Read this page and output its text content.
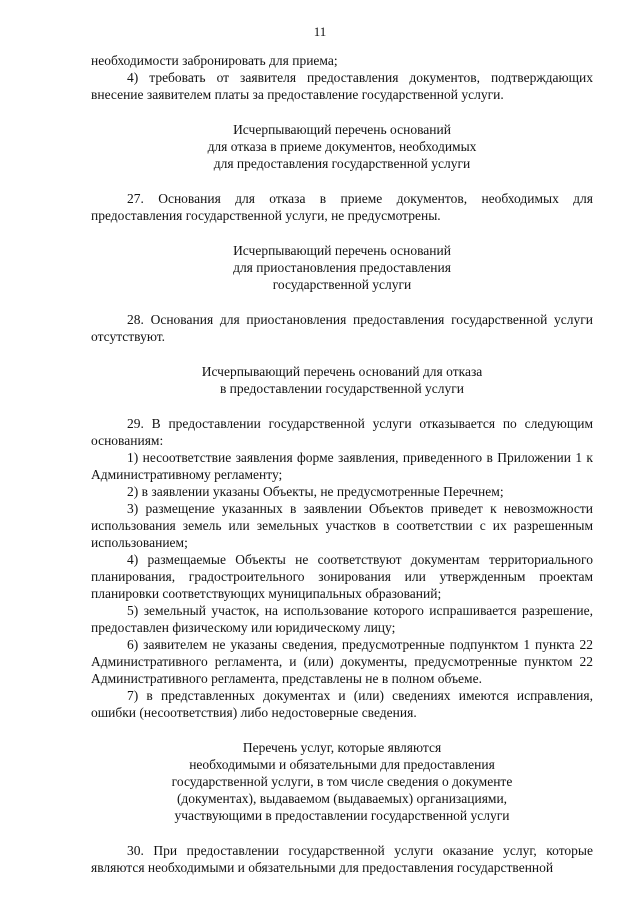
11

необходимости забронировать для приема;

4) требовать от заявителя предоставления документов, подтверждающих внесение заявителем платы за предоставление государственной услуги.

Исчерпывающий перечень оснований
для отказа в приеме документов, необходимых
для предоставления государственной услуги

27. Основания для отказа в приеме документов, необходимых для предоставления государственной услуги, не предусмотрены.

Исчерпывающий перечень оснований
для приостановления предоставления
государственной услуги

28. Основания для приостановления предоставления государственной услуги отсутствуют.

Исчерпывающий перечень оснований для отказа
в предоставлении государственной услуги

29. В предоставлении государственной услуги отказывается по следующим основаниям:

1) несоответствие заявления форме заявления, приведенного в Приложении 1 к Административному регламенту;

2) в заявлении указаны Объекты, не предусмотренные Перечнем;

3) размещение указанных в заявлении Объектов приведет к невозможности использования земель или земельных участков в соответствии с их разрешенным использованием;

4) размещаемые Объекты не соответствуют документам территориального планирования, градостроительного зонирования или утвержденным проектам планировки соответствующих муниципальных образований;

5) земельный участок, на использование которого испрашивается разрешение, предоставлен физическому или юридическому лицу;

6) заявителем не указаны сведения, предусмотренные подпунктом 1 пункта 22 Административного регламента, и (или) документы, предусмотренные пунктом 22 Административного регламента, представлены не в полном объеме.

7) в представленных документах и (или) сведениях имеются исправления, ошибки (несоответствия) либо недостоверные сведения.

Перечень услуг, которые являются
необходимыми и обязательными для предоставления
государственной услуги, в том числе сведения о документе
(документах), выдаваемом (выдаваемых) организациями,
участвующими в предоставлении государственной услуги

30. При предоставлении государственной услуги оказание услуг, которые являются необходимыми и обязательными для предоставления государственной
